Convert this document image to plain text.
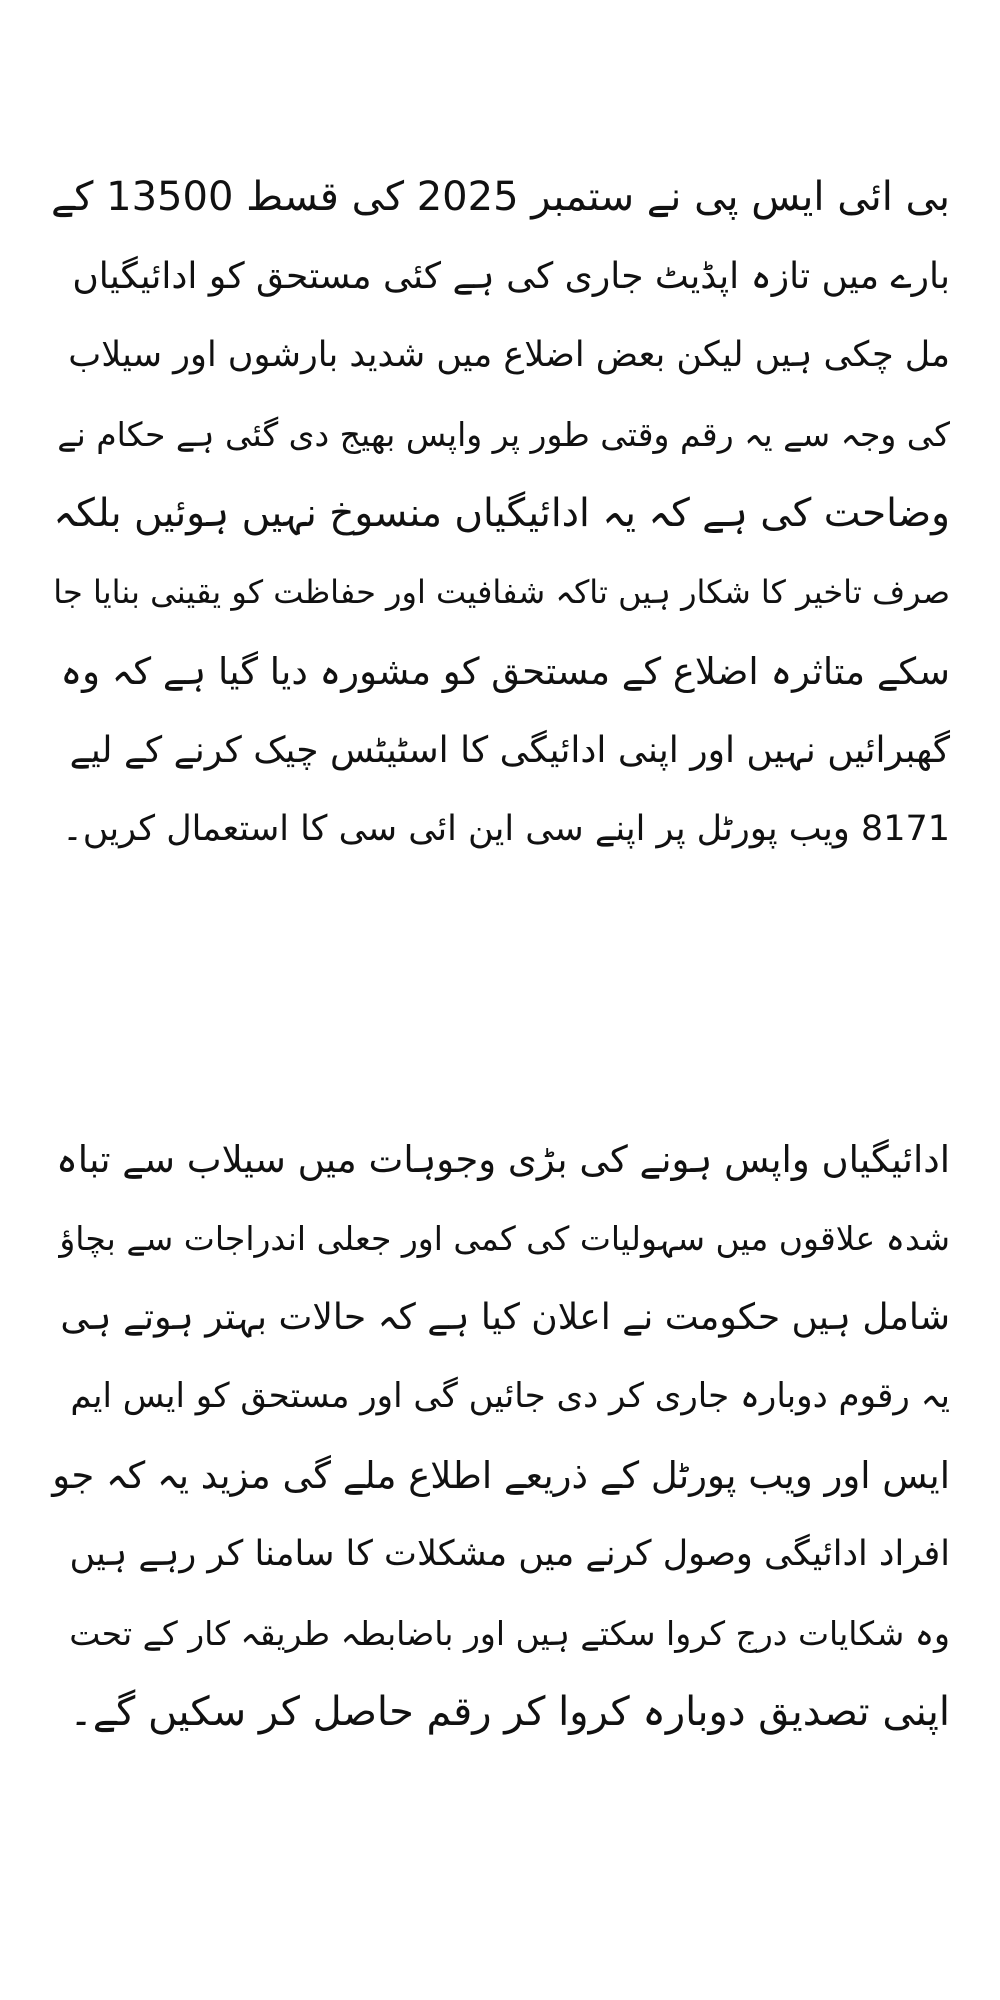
بی ائی ایس پی نے ستمبر 2025 کی قسط 13500 کے
بارے میں تازہ اپڈیٹ جاری کی ہے کئی مستحق کو ادائیگیاں
مل چکی ہیں لیکن بعض اضلاع میں شدید بارشوں اور سیلاب
کی وجہ سے یہ رقم وقتی طور پر واپس بھیج دی گئی ہے حکام نے
وضاحت کی ہے کہ یہ ادائیگیاں منسوخ نہیں ہوئیں بلکہ
صرف تاخیر کا شکار ہیں تاکہ شفافیت اور حفاظت کو یقینی بنایا جا
سکے متاثرہ اضلاع کے مستحق کو مشورہ دیا گیا ہے کہ وہ
گھبرائیں نہیں اور اپنی ادائیگی کا اسٹیٹس چیک کرنے کے لیے
8171 ویب پورٹل پر اپنے سی این ائی سی کا استعمال کریں۔
ادائیگیاں واپس ہونے کی بڑی وجوہات میں سیلاب سے تباہ
شدہ علاقوں میں سہولیات کی کمی اور جعلی اندراجات سے بچاؤ
شامل ہیں حکومت نے اعلان کیا ہے کہ حالات بہتر ہوتے ہی
یہ رقوم دوبارہ جاری کر دی جائیں گی اور مستحق کو ایس ایم
ایس اور ویب پورٹل کے ذریعے اطلاع ملے گی مزید یہ کہ جو
افراد ادائیگی وصول کرنے میں مشکلات کا سامنا کر رہے ہیں
وہ شکایات درج کروا سکتے ہیں اور باضابطہ طریقہ کار کے تحت
اپنی تصدیق دوبارہ کروا کر رقم حاصل کر سکیں گے۔
